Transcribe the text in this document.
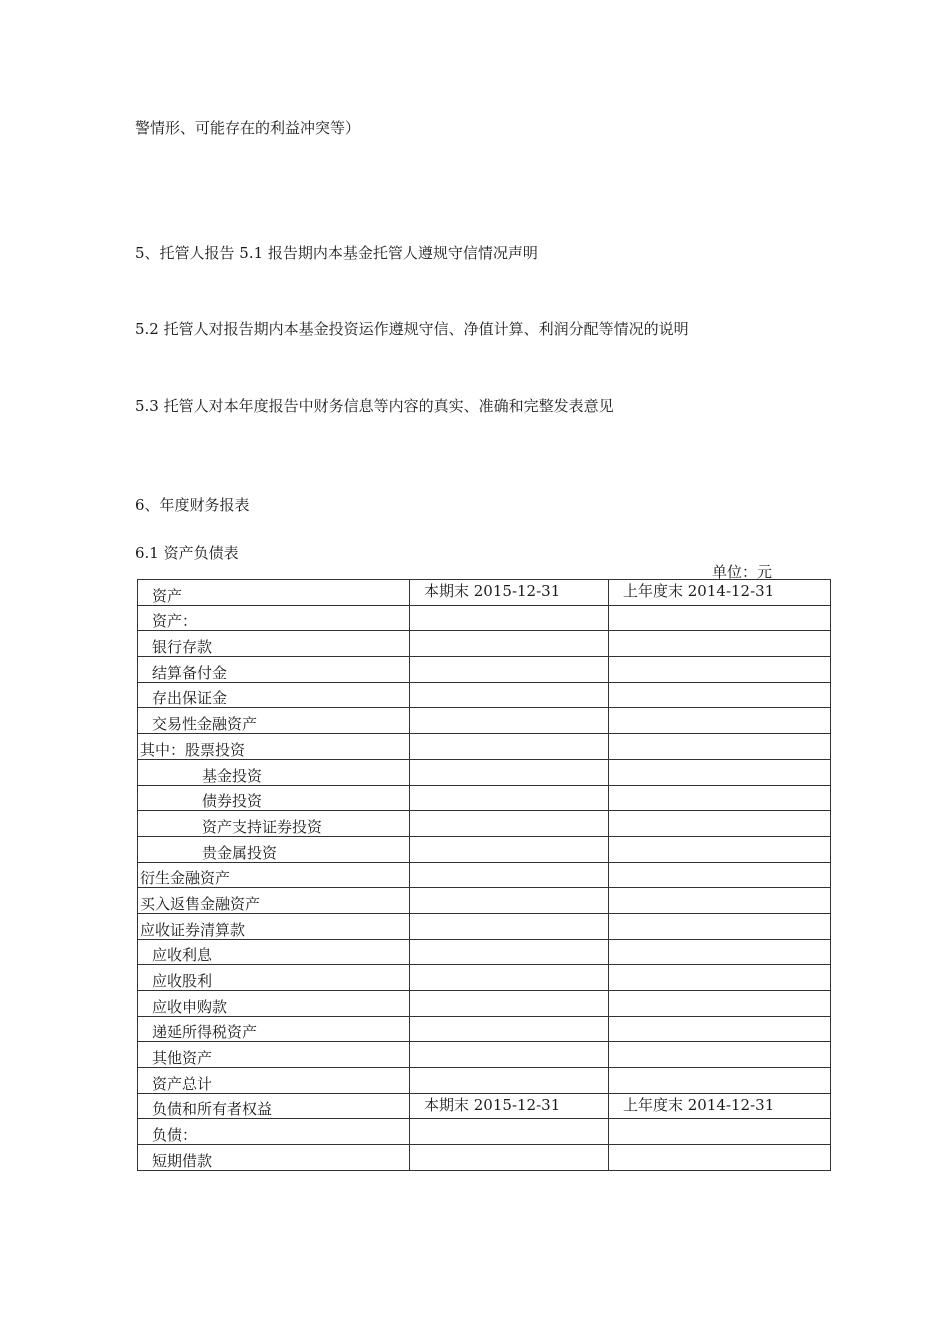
警情形、可能存在的利益冲突等）
5、托管人报告 5.1 报告期内本基金托管人遵规守信情况声明
5.2 托管人对报告期内本基金投资运作遵规守信、净值计算、利润分配等情况的说明
5.3 托管人对本年度报告中财务信息等内容的真实、准确和完整发表意见
6、年度财务报表
6.1 资产负债表
单位：元
资产	本期末 2015-12-31	上年度末 2014-12-31

资产：		

银行存款		

结算备付金		

存出保证金		

交易性金融资产		

其中：股票投资		

基金投资		

债券投资		

资产支持证券投资		

贵金属投资		

衍生金融资产		

买入返售金融资产		

应收证券清算款		

应收利息		

应收股利		

应收申购款		

递延所得税资产		

其他资产		

资产总计		

负债和所有者权益	本期末 2015-12-31	上年度末 2014-12-31

负债：		

短期借款		
